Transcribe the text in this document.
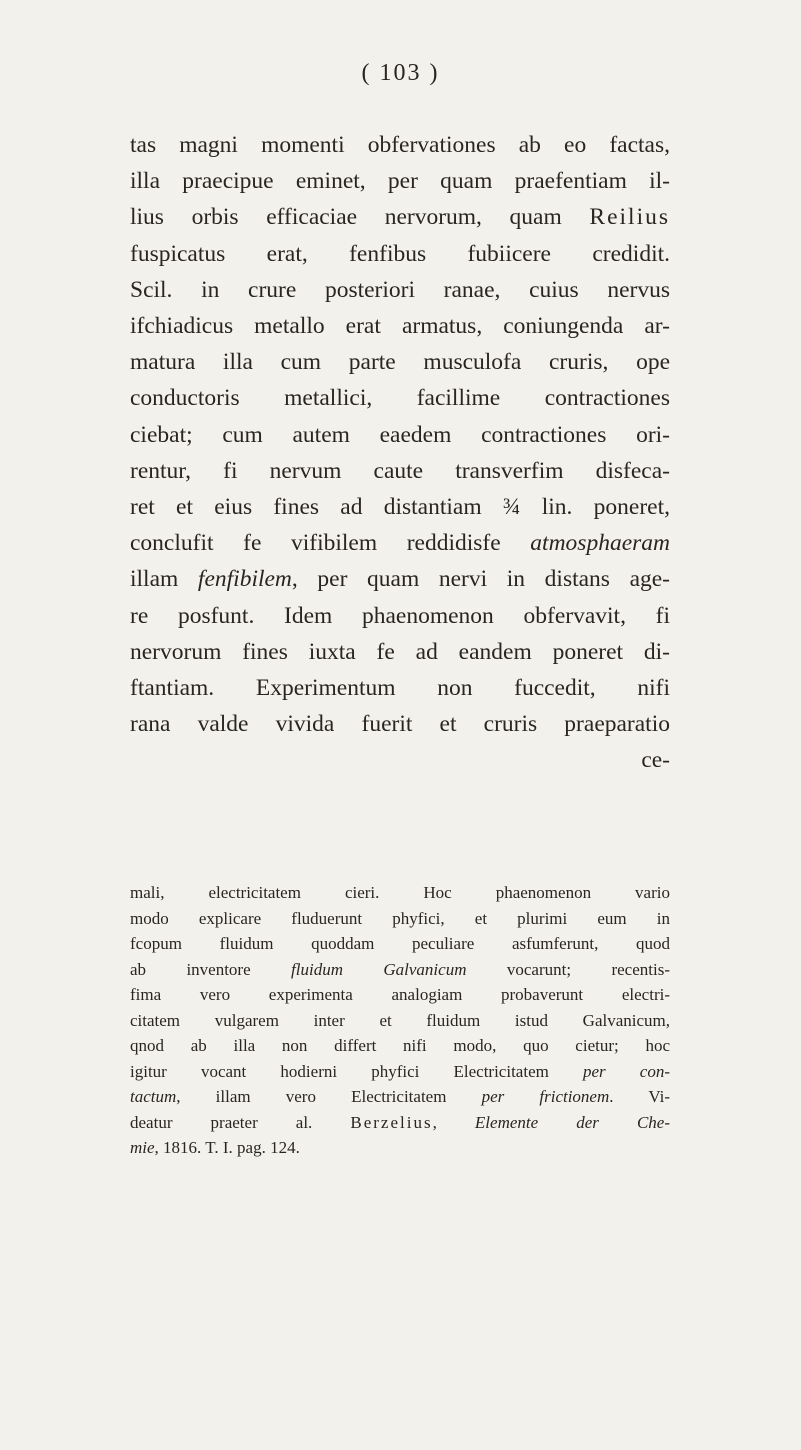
( 103 )
tas magni momenti obfervationes ab eo factas,
illa praecipue eminet, per quam praefentiam il-
lius orbis efficaciae nervorum, quam Reilius
fuspicatus erat, fenfibus fubiicere credidit.
Scil. in crure posteriori ranae, cuius nervus
ifchiadicus metallo erat armatus, coniungenda ar-
matura illa cum parte musculofa cruris, ope
conductoris metallici, facillime contractiones
ciebat; cum autem eaedem contractiones ori-
rentur, fi nervum caute transverfim disfeca-
ret et eius fines ad distantiam ¾ lin. poneret,
conclufit fe vifibilem reddidisfe atmosphaeram
illam fenfibilem, per quam nervi in distans age-
re posfunt. Idem phaenomenon obfervavit, fi
nervorum fines iuxta fe ad eandem poneret di-
ftantiam. Experimentum non fuccedit, nifi
rana valde vivida fuerit et cruris praeparatio
ce-
mali, electricitatem cieri. Hoc phaenomenon vario
modo explicare fluduerunt phyfici, et plurimi eum in
fcopum fluidum quoddam peculiare asfumferunt, quod
ab inventore fluidum Galvanicum vocarunt; recentis-
fima vero experimenta analogiam probaverunt electri-
citatem vulgarem inter et fluidum istud Galvanicum,
qnod ab illa non differt nifi modo, quo cietur; hoc
igitur vocant hodierni phyfici Electricitatem per con-
tactum, illam vero Electricitatem per frictionem. Vi-
deatur praeter al. Berzelius, Elemente der Che-
mie, 1816. T. I. pag. 124.
